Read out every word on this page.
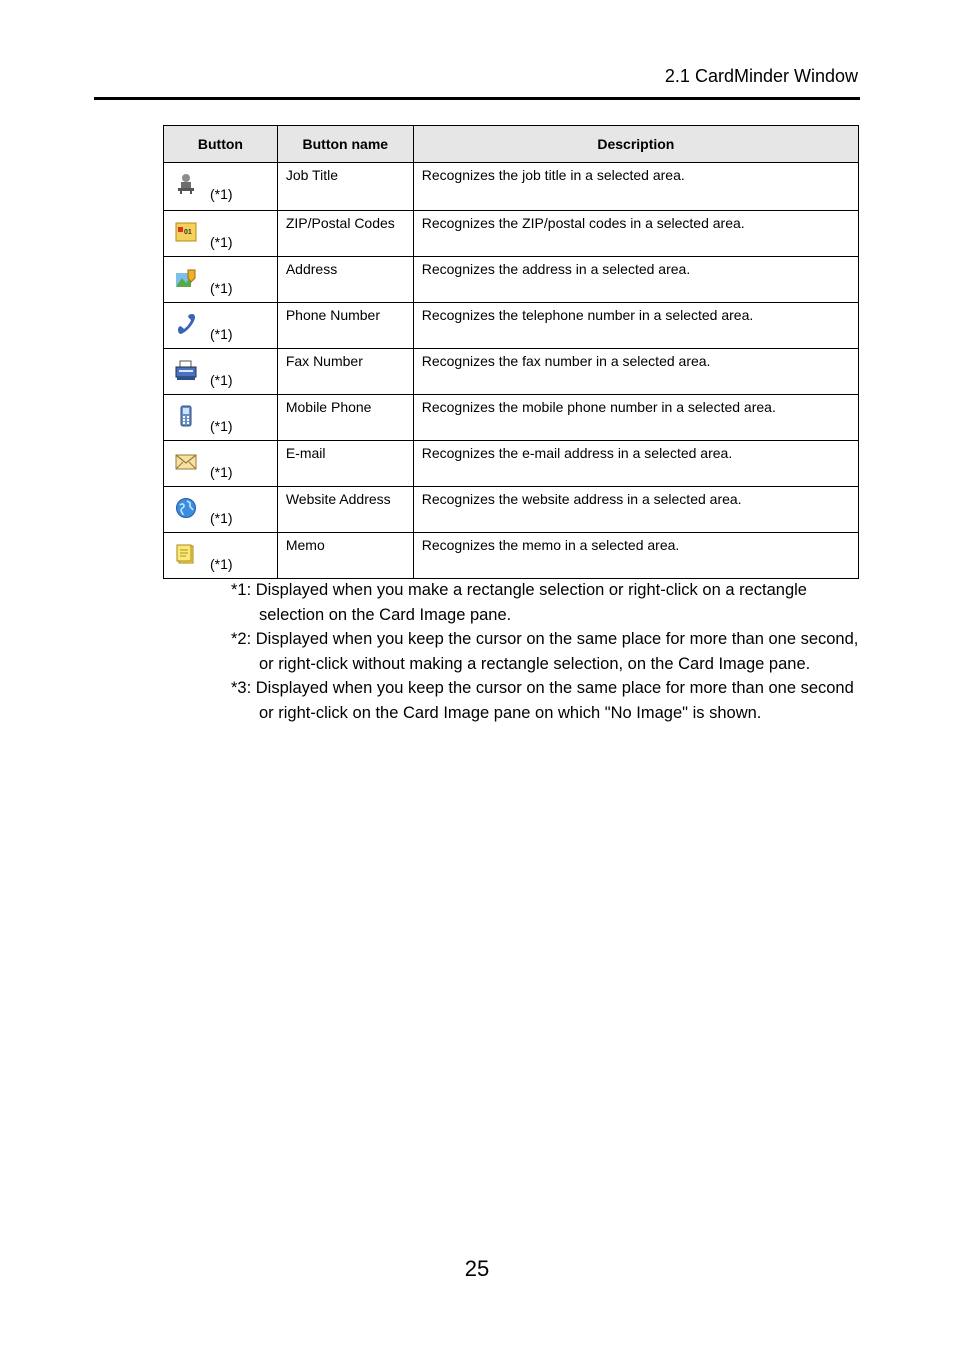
2.1 CardMinder Window
Button	Button name	Description

(*1)	Job Title	Recognizes the job title in a selected area.

01
(*1)	ZIP/Postal Codes	Recognizes the ZIP/postal codes in a selected area.

(*1)	Address	Recognizes the address in a selected area.

(*1)	Phone Number	Recognizes the telephone number in a selected area.

(*1)	Fax Number	Recognizes the fax number in a selected area.

(*1)	Mobile Phone	Recognizes the mobile phone number in a selected area.

(*1)	E-mail	Recognizes the e-mail address in a selected area.

(*1)	Website Address	Recognizes the website address in a selected area.

(*1)	Memo	Recognizes the memo in a selected area.

*1: Displayed when you make a rectangle selection or right-click on a rectangle selection on the Card Image pane.

*2: Displayed when you keep the cursor on the same place for more than one second, or right-click without making a rectangle selection, on the Card Image pane.

*3: Displayed when you keep the cursor on the same place for more than one second or right-click on the Card Image pane on which "No Image" is shown.

25
